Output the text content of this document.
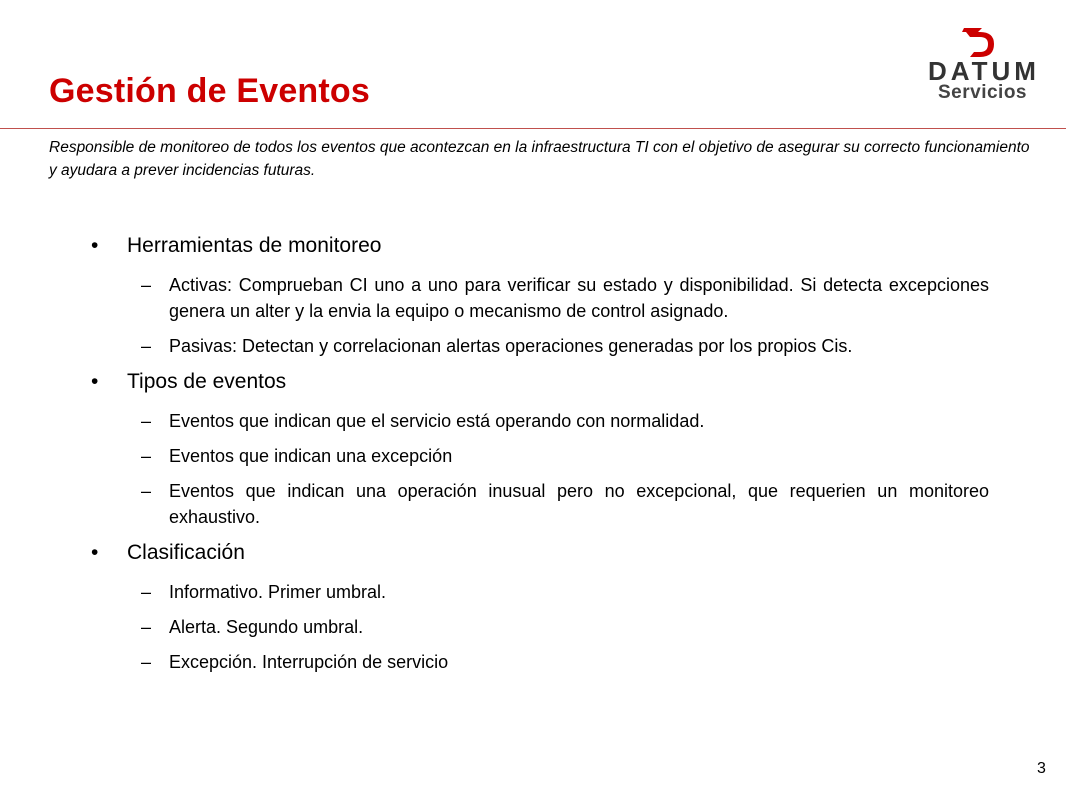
Gestión de Eventos
DATUM
Servicios
Responsible de monitoreo de todos los eventos que acontezcan en la infraestructura TI con el objetivo de asegurar su correcto funcionamiento y ayudara a prever incidencias futuras.
• Herramientas de monitoreo
– Activas: Comprueban CI uno a uno para verificar su estado y disponibilidad. Si detecta excepciones genera un alter y la envia la equipo o mecanismo de control asignado.
– Pasivas: Detectan y correlacionan alertas operaciones generadas por los propios Cis.
• Tipos de eventos
– Eventos que indican que el servicio está operando con normalidad.
– Eventos que indican una excepción
– Eventos que indican una operación inusual pero no excepcional, que requerien un monitoreo exhaustivo.
• Clasificación
– Informativo. Primer umbral.
– Alerta. Segundo umbral.
– Excepción. Interrupción de servicio
3
